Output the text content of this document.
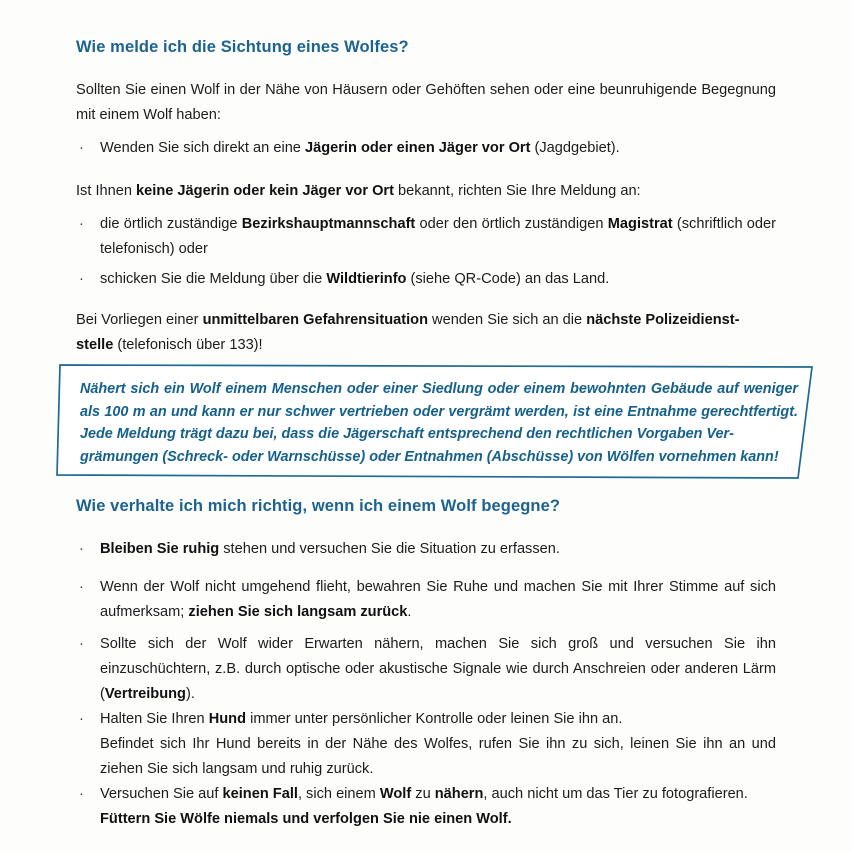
Wie melde ich die Sichtung eines Wolfes?
Sollten Sie einen Wolf in der Nähe von Häusern oder Gehöften sehen oder eine beunruhigende Begegnung mit einem Wolf haben:
·	Wenden Sie sich direkt an eine Jägerin oder einen Jäger vor Ort (Jagdgebiet).
Ist Ihnen keine Jägerin oder kein Jäger vor Ort bekannt, richten Sie Ihre Meldung an:
·	die örtlich zuständige Bezirkshauptmannschaft oder den örtlich zuständigen Magistrat (schriftlich oder telefonisch) oder
·	schicken Sie die Meldung über die Wildtierinfo (siehe QR-Code) an das Land.
Bei Vorliegen einer unmittelbaren Gefahrensituation wenden Sie sich an die nächste Polizeidienst-
stelle (telefonisch über 133)!
Nähert sich ein Wolf einem Menschen oder einer Siedlung oder einem bewohnten Gebäude auf weniger als 100 m an und kann er nur schwer vertrieben oder vergrämt werden, ist eine Entnahme gerechtfertigt. Jede Meldung trägt dazu bei, dass die Jägerschaft entsprechend den rechtlichen Vorgaben Ver-
grämungen (Schreck- oder Warnschüsse) oder Entnahmen (Abschüsse) von Wölfen vornehmen kann!
Wie verhalte ich mich richtig, wenn ich einem Wolf begegne?
·	Bleiben Sie ruhig stehen und versuchen Sie die Situation zu erfassen.
·	Wenn der Wolf nicht umgehend flieht, bewahren Sie Ruhe und machen Sie mit Ihrer Stimme auf sich aufmerksam; ziehen Sie sich langsam zurück.
·	Sollte sich der Wolf wider Erwarten nähern, machen Sie sich groß und versuchen Sie ihn einzuschüchtern, z.B. durch optische oder akustische Signale wie durch Anschreien oder anderen Lärm (Vertreibung).
·	Halten Sie Ihren Hund immer unter persönlicher Kontrolle oder leinen Sie ihn an.
Befindet sich Ihr Hund bereits in der Nähe des Wolfes, rufen Sie ihn zu sich, leinen Sie ihn an und ziehen Sie sich langsam und ruhig zurück.
·	Versuchen Sie auf keinen Fall, sich einem Wolf zu nähern, auch nicht um das Tier zu fotografieren.
Füttern Sie Wölfe niemals und verfolgen Sie nie einen Wolf.
